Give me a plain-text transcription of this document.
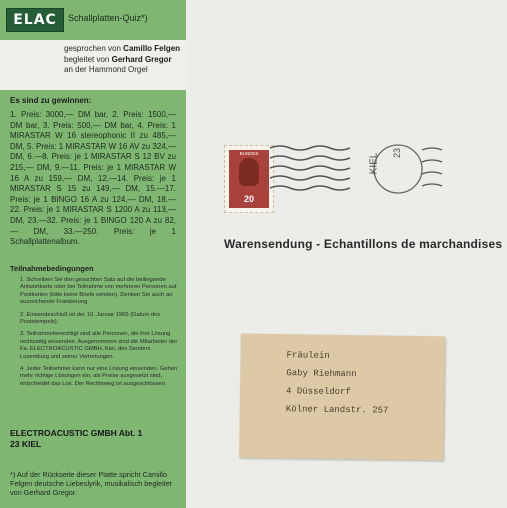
ELAC	Schallplatten-Quiz*)
gesprochen von Camillo Felgen
begleitet von Gerhard Gregor
an der Hammond Orgel
Es sind zu gewinnen:
1. Preis: 3000,— DM bar, 2. Preis: 1500,— DM bar, 3. Preis: 500,— DM bar, 4. Preis: 1 MIRASTAR W 16 stereophonic II zu 485,— DM, 5. Preis: 1 MIRASTAR W 16 AV zu 324,— DM, 6.—8. Preis: je 1 MIRASTAR S 12 BV zu 215,— DM, 9.—11. Preis: je 1 MIRASTAR W 16 A zu 159,— DM, 12.—14. Preis: je 1 MIRASTAR S 15 zu 149,— DM, 15.—17. Preis: je 1 BINGO 16 A zu 124,— DM, 18.—22. Preis: je 1 MIRASTAR S 1200 A zu 113,— DM, 23.—32. Preis: je 1 BINGO 120 A zu 82,— DM, 33.—250. Preis: je 1 Schallplattenalbum.
Teilnahmebedingungen

1. Schreiben Sie den gesuchten Satz auf die beiliegende Antwortkarte oder bei Teilnahme von mehreren Personen auf Postkarten (bitte keine Briefe senden). Denken Sie auch an ausreichende Frankierung.

2. Einsendeschluß ist der 10. Januar 1965 (Datum des Poststempels).

3. Teilnahmeberechtigt sind alle Personen, die ihre Lösung rechtzeitig einsenden. Ausgenommen sind die Mitarbeiter der Fa. ELECTROACUSTIC GMBH, Kiel, des Senders Luxemburg und seiner Vertretungen.

4. Jeder Teilnehmer kann nur eine Lösung einsenden. Gehen mehr richtige Lösungen ein, als Preise ausgesetzt sind, entscheidet das Los. Der Rechtsweg ist ausgeschlossen.

ELECTROACUSTIC GMBH Abt. 1
23 KIEL
*) Auf der Rückseite dieser Platte spricht Camillo Felgen deutsche Liebeslyrik, musikalisch begleitet von Gerhard Gregor.
BUNDES
20
KIEL 23
Warensendung - Echantillons de marchandises
Fräulein
Gaby Riehmann
4 Düsseldorf
Kölner Landstr. 257
